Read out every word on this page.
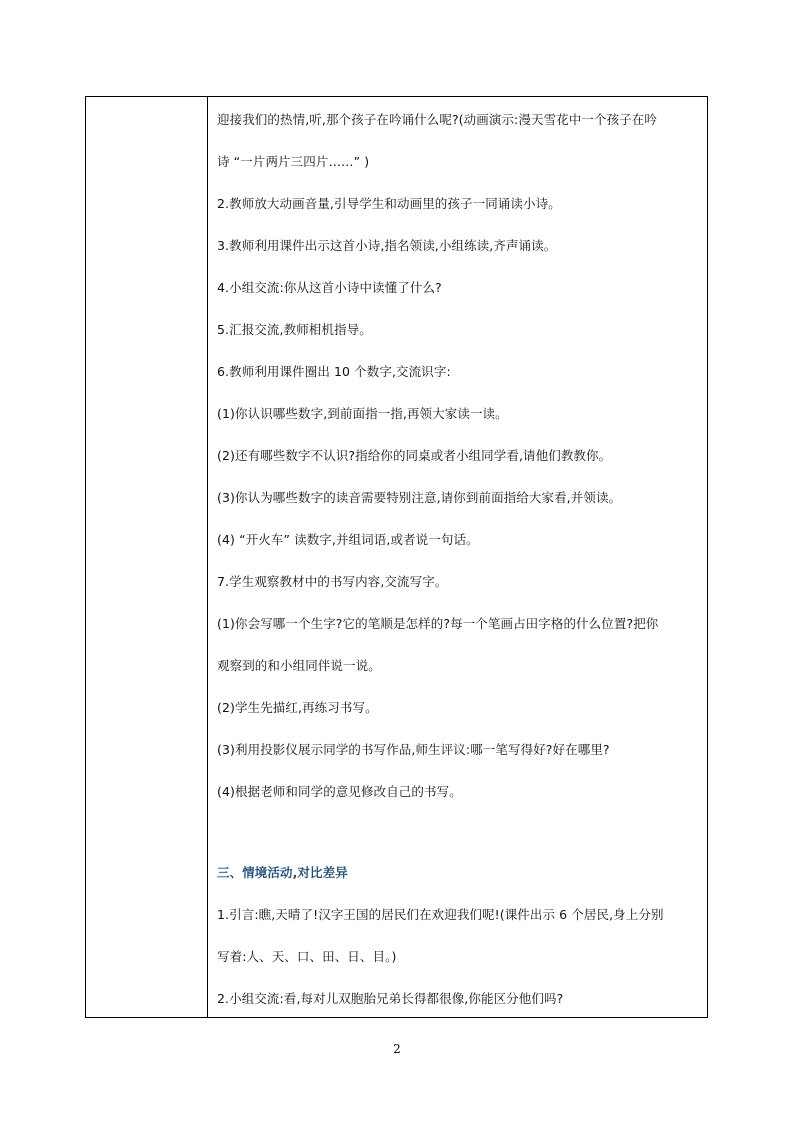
迎接我们的热情,听,那个孩子在吟诵什么呢?(动画演示:漫天雪花中一个孩子在吟
诗 “一片两片三四片……” )
2.教师放大动画音量,引导学生和动画里的孩子一同诵读小诗。
3.教师利用课件出示这首小诗,指名领读,小组练读,齐声诵读。
4.小组交流:你从这首小诗中读懂了什么?
5.汇报交流,教师相机指导。
6.教师利用课件圈出 10 个数字,交流识字:
(1)你认识哪些数字,到前面指一指,再领大家读一读。
(2)还有哪些数字不认识?指给你的同桌或者小组同学看,请他们教教你。
(3)你认为哪些数字的读音需要特别注意,请你到前面指给大家看,并领读。
(4) “开火车” 读数字,并组词语,或者说一句话。
7.学生观察教材中的书写内容,交流写字。
(1)你会写哪一个生字?它的笔顺是怎样的?每一个笔画占田字格的什么位置?把你
观察到的和小组同伴说一说。
(2)学生先描红,再练习书写。
(3)利用投影仪展示同学的书写作品,师生评议:哪一笔写得好?好在哪里?
(4)根据老师和同学的意见修改自己的书写。
三、情境活动,对比差异
1.引言:瞧,天晴了!汉字王国的居民们在欢迎我们呢!(课件出示 6 个居民,身上分别
写着:人、天、口、田、日、目。)
2.小组交流:看,每对儿双胞胎兄弟长得都很像,你能区分他们吗?
2
